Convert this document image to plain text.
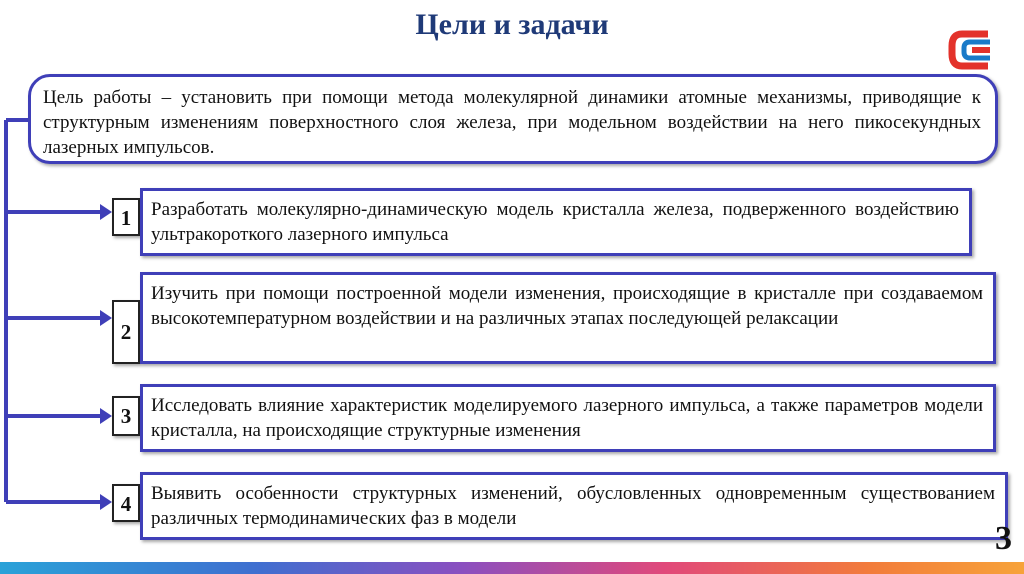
Цели и задачи
Цель работы – установить при помощи метода молекулярной динамики атомные механизмы, приводящие к структурным изменениям поверхностного слоя железа, при модельном воздействии на него пикосекундных лазерных импульсов.
1	Разработать молекулярно-динамическую модель кристалла железа, подверженного воздействию ультракороткого лазерного импульса
2
Изучить при помощи построенной модели изменения, происходящие в кристалле при создаваемом высокотемпературном воздействии и на различных этапах последующей релаксации
3	Исследовать влияние характеристик моделируемого лазерного импульса, а также параметров модели кристалла, на происходящие структурные изменения
4	Выявить особенности структурных изменений, обусловленных одновременным существованием различных термодинамических фаз в модели
3
